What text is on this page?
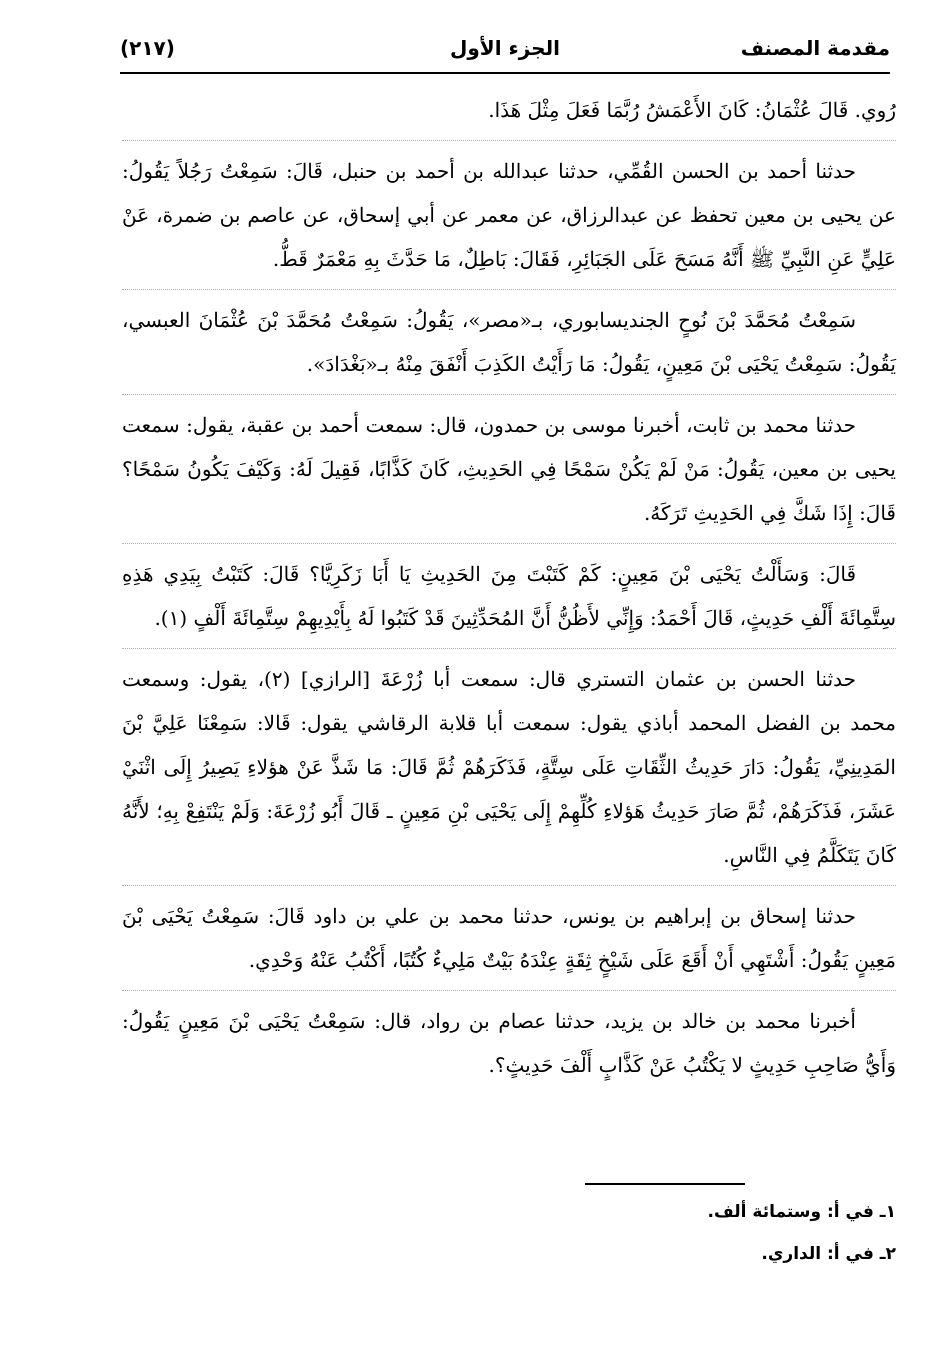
مقدمة المصنف
الجزء الأول
(٢١٧)

رُوي. قَالَ عُثْمَانُ: كَانَ الأَعْمَشُ رُبَّمَا فَعَلَ مِثْلَ هَذَا.

حدثنا أحمد بن الحسن القُمِّي، حدثنا عبدالله بن أحمد بن حنبل، قَالَ: سَمِعْتُ رَجُلاً يَقُولُ: عن يحيى بن معين تحفظ عن عبدالرزاق، عن معمر عن أبي إسحاق، عن عاصم بن ضمرة، عَنْ عَلِيٍّ عَنِ النَّبِيِّ ﷺ أَنَّهُ مَسَحَ عَلَى الجَبَائِرِ، فَقَالَ: بَاطِلٌ، مَا حَدَّثَ بِهِ مَعْمَرٌ قَطُّ.

سَمِعْتُ مُحَمَّدَ بْنَ نُوحٍ الجنديسابوري، بـ«مصر»، يَقُولُ: سَمِعْتُ مُحَمَّدَ بْنَ عُثْمَانَ العبسي، يَقُولُ: سَمِعْتُ يَحْيَى بْنَ مَعِينٍ، يَقُولُ: مَا رَأَيْتُ الكَذِبَ أَنْفَقَ مِنْهُ بـ«بَغْدَادَ».

حدثنا محمد بن ثابت، أخبرنا موسى بن حمدون، قال: سمعت أحمد بن عقبة، يقول: سمعت يحيى بن معين، يَقُولُ: مَنْ لَمْ يَكُنْ سَمْحًا فِي الحَدِيثِ، كَانَ كَذَّابًا، فَقِيلَ لَهُ: وَكَيْفَ يَكُونُ سَمْحًا؟ قَالَ: إِذَا شَكَّ فِي الحَدِيثِ تَرَكَهُ.

قَالَ: وَسَأَلْتُ يَحْيَى بْنَ مَعِينٍ: كَمْ كَتَبْتَ مِنَ الحَدِيثِ يَا أَبَا زَكَرِيَّا؟ قَالَ: كَتَبْتُ بِيَدِي هَذِهِ سِتَّمِائَةَ أَلْفِ حَدِيثٍ، قَالَ أَحْمَدُ: وَإِنِّي لأَظُنُّ أَنَّ المُحَدِّثِينَ قَدْ كَتَبُوا لَهُ بِأَيْدِيهِمْ سِتَّمِائَةَ أَلْفٍ (١).

حدثنا الحسن بن عثمان التستري قال: سمعت أبا زُرْعَةَ [الرازي] (٢)، يقول: وسمعت محمد بن الفضل المحمد أباذي يقول: سمعت أبا قلابة الرقاشي يقول: قَالا: سَمِعْنَا عَلِيَّ بْنَ المَدِينِيِّ، يَقُولُ: دَارَ حَدِيثُ الثِّقَاتِ عَلَى سِتَّةٍ، فَذَكَرَهُمْ ثُمَّ قَالَ: مَا شَذَّ عَنْ هؤلاءِ يَصِيرُ إِلَى اثْنَيْ عَشَرَ، فَذَكَرَهُمْ، ثُمَّ صَارَ حَدِيثُ هَؤلاءِ كُلِّهِمْ إِلَى يَحْيَى بْنِ مَعِينٍ ـ قَالَ أَبُو زُرْعَةَ: وَلَمْ يَنْتَفِعْ بِهِ؛ لأَنَّهُ كَانَ يَتَكَلَّمُ فِي النَّاسِ.

حدثنا إسحاق بن إبراهيم بن يونس، حدثنا محمد بن علي بن داود قَالَ: سَمِعْتُ يَحْيَى بْنَ مَعِينٍ يَقُولُ: أَشْتَهِي أَنْ أَقَعَ عَلَى شَيْخٍ ثِقَةٍ عِنْدَهُ بَيْتٌ مَلِيءٌ كُتُبًا، أَكْتُبُ عَنْهُ وَحْدِي.

أخبرنا محمد بن خالد بن يزيد، حدثنا عصام بن رواد، قال: سَمِعْتُ يَحْيَى بْنَ مَعِينٍ يَقُولُ: وَأَيُّ صَاحِبِ حَدِيثٍ لا يَكْتُبُ عَنْ كَذَّابٍ أَلْفَ حَدِيثٍ؟.

١ـ في أ: وستمائة ألف.

٢ـ في أ: الداري.
